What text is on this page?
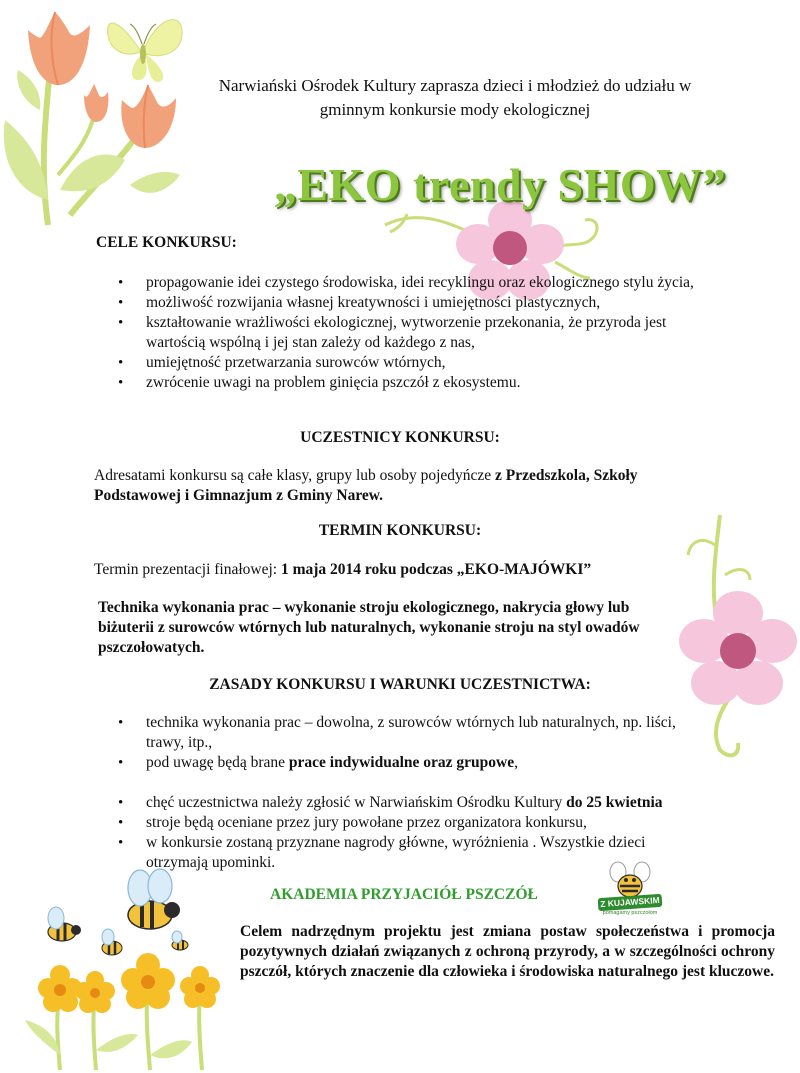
Narwiański Ośrodek Kultury zaprasza dzieci i młodzież do udziału w
gminnym konkursie mody ekologicznej
„EKO trendy SHOW”
CELE KONKURSU:
• propagowanie idei czystego środowiska, idei recyklingu oraz ekologicznego stylu życia,
• możliwość rozwijania własnej kreatywności i umiejętności plastycznych,
• kształtowanie wrażliwości ekologicznej, wytworzenie przekonania, że przyroda jest wartością wspólną i jej stan zależy od każdego z nas,
• umiejętność przetwarzania surowców wtórnych,
• zwrócenie uwagi na problem ginięcia pszczół z ekosystemu.
UCZESTNICY KONKURSU:
Adresatami konkursu są całe klasy, grupy lub osoby pojedyńcze z Przedszkola, Szkoły Podstawowej i Gimnazjum z Gminy Narew.
TERMIN KONKURSU:
Termin prezentacji finałowej: 1 maja 2014 roku podczas „EKO-MAJÓWKI”
Technika wykonania prac – wykonanie stroju ekologicznego, nakrycia głowy lub biżuterii z surowców wtórnych lub naturalnych, wykonanie stroju na styl owadów pszczołowatych.
ZASADY KONKURSU I WARUNKI UCZESTNICTWA:
• technika wykonania prac – dowolna, z surowców wtórnych lub naturalnych, np. liści, trawy, itp.,
• pod uwagę będą brane prace indywidualne oraz grupowe,
• chęć uczestnictwa należy zgłosić w Narwiańskim Ośrodku Kultury do 25 kwietnia
• stroje będą oceniane przez jury powołane przez organizatora konkursu,
• w konkursie zostaną przyznane nagrody główne, wyróżnienia . Wszystkie dzieci otrzymają upominki.
AKADEMIA PRZYJACIÓŁ PSZCZÓŁ	Z KUJAWSKIM
pomagamy pszczołom
Celem nadrzędnym projektu jest zmiana postaw społeczeństwa i promocja pozytywnych działań związanych z ochroną przyrody, a w szczególności ochrony pszczół, których znaczenie dla człowieka i środowiska naturalnego jest kluczowe.
